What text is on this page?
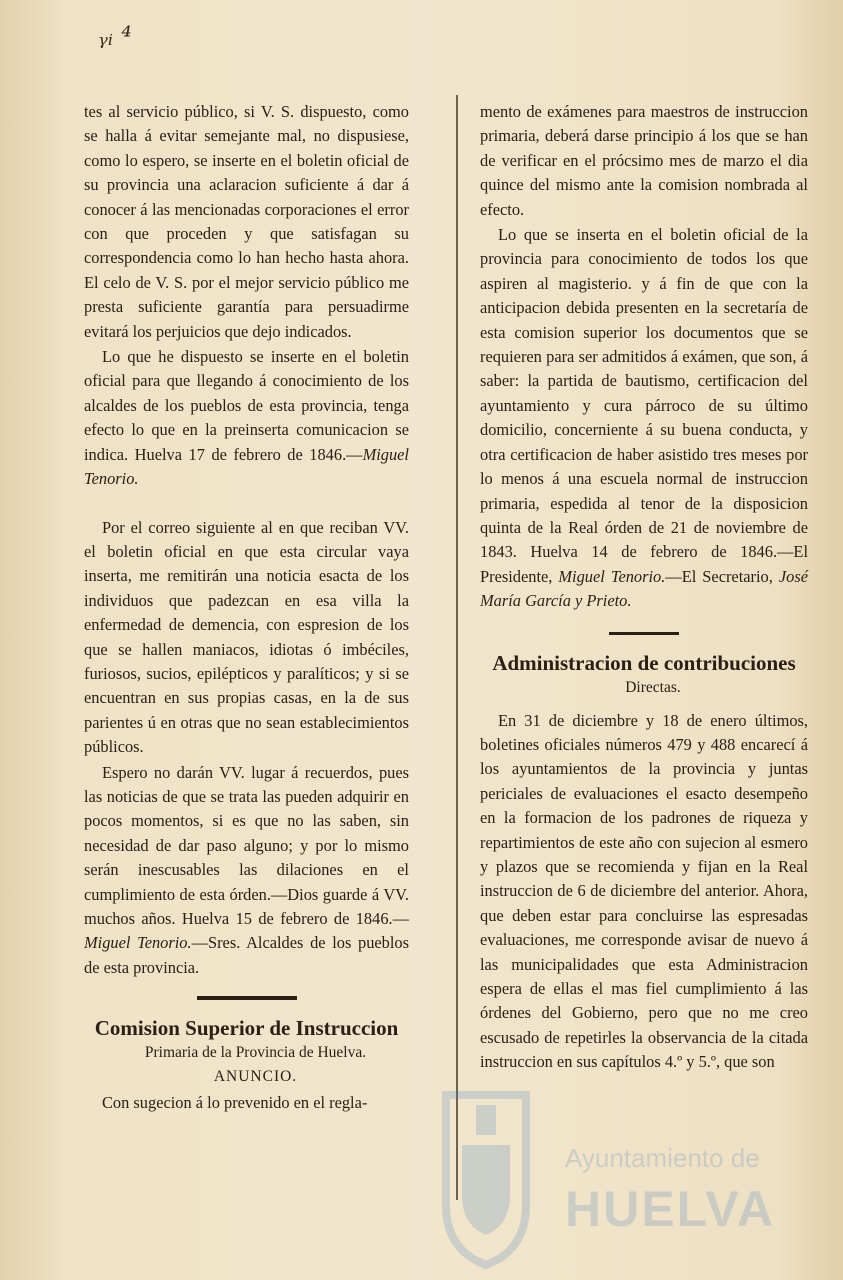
ᵧᵢ ⁴

tes al servicio público, si V. S. dispuesto, como se halla á evitar semejante mal, no dispusiese, como lo espero, se inserte en el boletin oficial de su provincia una aclaracion suficiente á dar á conocer á las mencionadas corporaciones el error con que proceden y que satisfagan su correspondencia como lo han hecho hasta ahora. El celo de V. S. por el mejor servicio público me presta suficiente garantía para persuadirme evitará los perjuicios que dejo indicados.

Lo que he dispuesto se inserte en el boletin oficial para que llegando á conocimiento de los alcaldes de los pueblos de esta provincia, tenga efecto lo que en la preinserta comunicacion se indica. Huelva 17 de febrero de 1846.—Miguel Tenorio.

Por el correo siguiente al en que reciban VV. el boletin oficial en que esta circular vaya inserta, me remitirán una noticia esacta de los individuos que padezcan en esa villa la enfermedad de demencia, con espresion de los que se hallen maniacos, idiotas ó imbéciles, furiosos, sucios, epilépticos y paralíticos; y si se encuentran en sus propias casas, en la de sus parientes ú en otras que no sean establecimientos públicos.

Espero no darán VV. lugar á recuerdos, pues las noticias de que se trata las pueden adquirir en pocos momentos, si es que no las saben, sin necesidad de dar paso alguno; y por lo mismo serán inescusables las dilaciones en el cumplimiento de esta órden.—Dios guarde á VV. muchos años. Huelva 15 de febrero de 1846.—Miguel Tenorio.—Sres. Alcaldes de los pueblos de esta provincia.

Comision Superior de Instruccion

Primaria de la Provincia de Huelva.

ANUNCIO.

Con sugecion á lo prevenido en el regla-

mento de exámenes para maestros de instruccion primaria, deberá darse principio á los que se han de verificar en el prócsimo mes de marzo el dia quince del mismo ante la comision nombrada al efecto.

Lo que se inserta en el boletin oficial de la provincia para conocimiento de todos los que aspiren al magisterio. y á fin de que con la anticipacion debida presenten en la secretaría de esta comision superior los documentos que se requieren para ser admitidos á exámen, que son, á saber: la partida de bautismo, certificacion del ayuntamiento y cura párroco de su último domicilio, concerniente á su buena conducta, y otra certificacion de haber asistido tres meses por lo menos á una escuela normal de instruccion primaria, espedida al tenor de la disposicion quinta de la Real órden de 21 de noviembre de 1843. Huelva 14 de febrero de 1846.—El Presidente, Miguel Tenorio.—El Secretario, José María García y Prieto.

Administracion de contribuciones

Directas.

En 31 de diciembre y 18 de enero últimos, boletines oficiales números 479 y 488 encarecí á los ayuntamientos de la provincia y juntas periciales de evaluaciones el esacto desempeño en la formacion de los padrones de riqueza y repartimientos de este año con sujecion al esmero y plazos que se recomienda y fijan en la Real instruccion de 6 de diciembre del anterior. Ahora, que deben estar para concluirse las espresadas evaluaciones, me corresponde avisar de nuevo á las municipalidades que esta Administracion espera de ellas el mas fiel cumplimiento á las órdenes del Gobierno, pero que no me creo escusado de repetirles la observancia de la citada instruccion en sus capítulos 4.º y 5.º, que son

Ayuntamiento de
HUELVA
